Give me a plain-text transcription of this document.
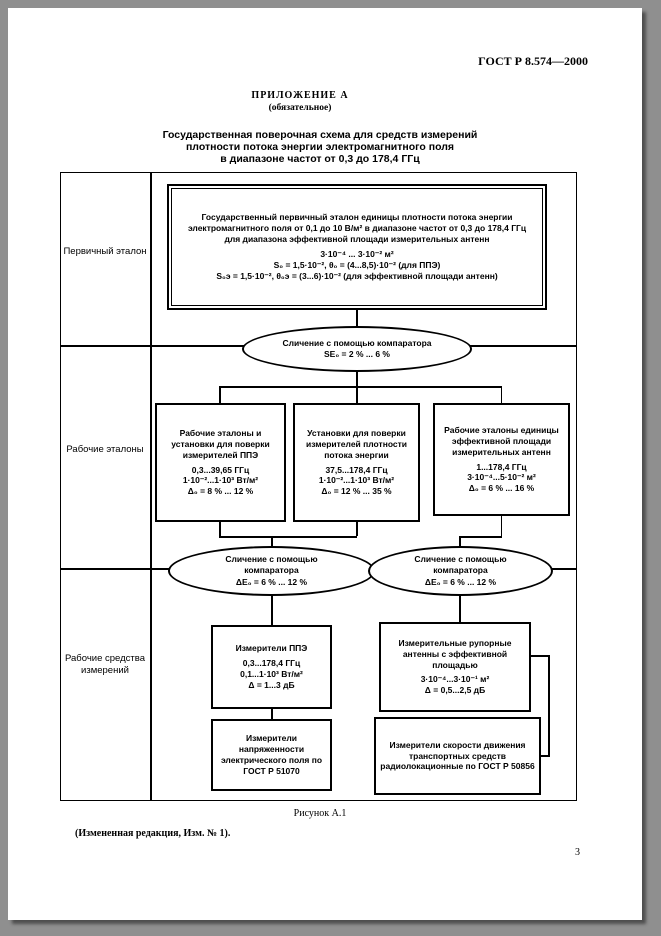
ГОСТ Р 8.574—2000
ПРИЛОЖЕНИЕ А
(обязательное)
Государственная поверочная схема для средств измерений
плотности потока энергии электромагнитного поля
в диапазоне частот от 0,3 до 178,4 ГГц
Первичный эталон
Рабочие эталоны
Рабочие средства измерений
Государственный первичный эталон единицы плотности потока энергии электромагнитного поля от 0,1 до 10 В/м² в диапазоне частот от 0,3 до 178,4 ГГц для диапазона эффективной площади измерительных антенн
3·10⁻⁴ ... 3·10⁻² м²
S₀ = 1,5·10⁻², θ₀ = (4...8,5)·10⁻² (для ППЭ)
S₀э = 1,5·10⁻², θ₀э = (3...6)·10⁻² (для эффективной площади антенн)
Сличение с помощью компаратора
SЕ₀ = 2 % ... 6 %
Рабочие эталоны и установки для поверки измерителей ППЭ
0,3...39,65 ГГц
1·10⁻²...1·10³ Вт/м²
Δ₀ = 8 % ... 12 %
Установки для поверки измерителей плотности потока энергии
37,5...178,4 ГГц
1·10⁻²...1·10³ Вт/м²
Δ₀ = 12 % ... 35 %
Рабочие эталоны единицы эффективной площади измерительных антенн
1...178,4 ГГц
3·10⁻⁴...5·10⁻² м²
Δ₀ = 6 % ... 16 %
Сличение с помощью компаратора
ΔЕ₀ = 6 % ... 12 %
Сличение с помощью компаратора
ΔЕ₀ = 6 % ... 12 %
Измерители ППЭ
0,3...178,4 ГГц
0,1...1·10³ Вт/м²
Δ = 1...3 дБ
Измерительные рупорные антенны с эффективной площадью
3·10⁻⁴...3·10⁻¹ м²
Δ = 0,5...2,5 дБ
Измерители напряженности электрического поля по ГОСТ Р 51070
Измерители скорости движения транспортных средств радиолокационные по ГОСТ Р 50856
Рисунок А.1
(Измененная редакция, Изм. № 1).
3
